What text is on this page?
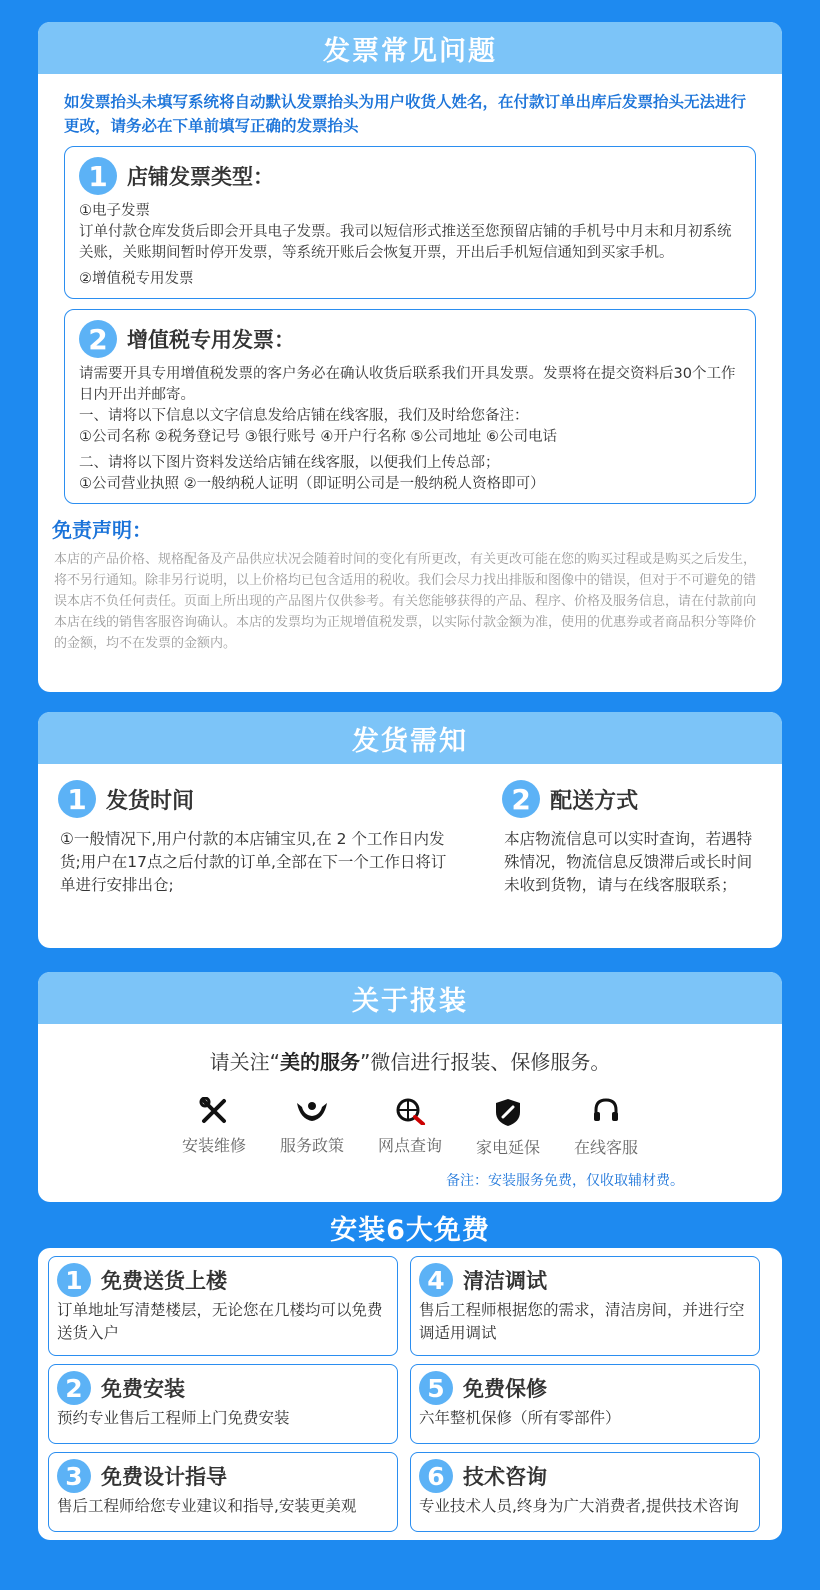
发票常见问题
如发票抬头未填写系统将自动默认发票抬头为用户收货人姓名，在付款订单出库后发票抬头无法进行更改，请务必在下单前填写正确的发票抬头
1 店铺发票类型：

①电子发票

订单付款仓库发货后即会开具电子发票。我司以短信形式推送至您预留店铺的手机号中月末和月初系统关账，关账期间暂时停开发票，等系统开账后会恢复开票，开出后手机短信通知到买家手机。

②增值税专用发票

2 增值税专用发票：

请需要开具专用增值税发票的客户务必在确认收货后联系我们开具发票。发票将在提交资料后30个工作日内开出并邮寄。

一、请将以下信息以文字信息发给店铺在线客服，我们及时给您备注：

①公司名称 ②税务登记号 ③银行账号 ④开户行名称 ⑤公司地址 ⑥公司电话

二、请将以下图片资料发送给店铺在线客服，以便我们上传总部；

①公司营业执照 ②一般纳税人证明（即证明公司是一般纳税人资格即可）

免责声明：
本店的产品价格、规格配备及产品供应状况会随着时间的变化有所更改，有关更改可能在您的购买过程或是购买之后发生，将不另行通知。除非另行说明，以上价格均已包含适用的税收。我们会尽力找出排版和图像中的错误，但对于不可避免的错误本店不负任何责任。页面上所出现的产品图片仅供参考。有关您能够获得的产品、程序、价格及服务信息，请在付款前向本店在线的销售客服咨询确认。本店的发票均为正规增值税发票，以实际付款金额为准，使用的优惠券或者商品积分等降价的金额，均不在发票的金额内。
发货需知
1 发货时间

①一般情况下,用户付款的本店铺宝贝,在 2 个工作日内发货;用户在17点之后付款的订单,全部在下一个工作日将订单进行安排出仓;

2 配送方式

本店物流信息可以实时查询，若遇特殊情况，物流信息反馈滞后或长时间未收到货物，请与在线客服联系；

关于报装
请关注“美的服务”微信进行报装、保修服务。
安装维修	服务政策	网点查询	家电延保	在线客服
备注：安装服务免费，仅收取辅材费。
安装6大免费
1 免费送货上楼
订单地址写清楚楼层，无论您在几楼均可以免费送货入户
4 清洁调试
售后工程师根据您的需求，清洁房间，并进行空调适用调试
2 免费安装
预约专业售后工程师上门免费安装
5 免费保修
六年整机保修（所有零部件）
3 免费设计指导
售后工程师给您专业建议和指导,安装更美观
6 技术咨询
专业技术人员,终身为广大消费者,提供技术咨询
